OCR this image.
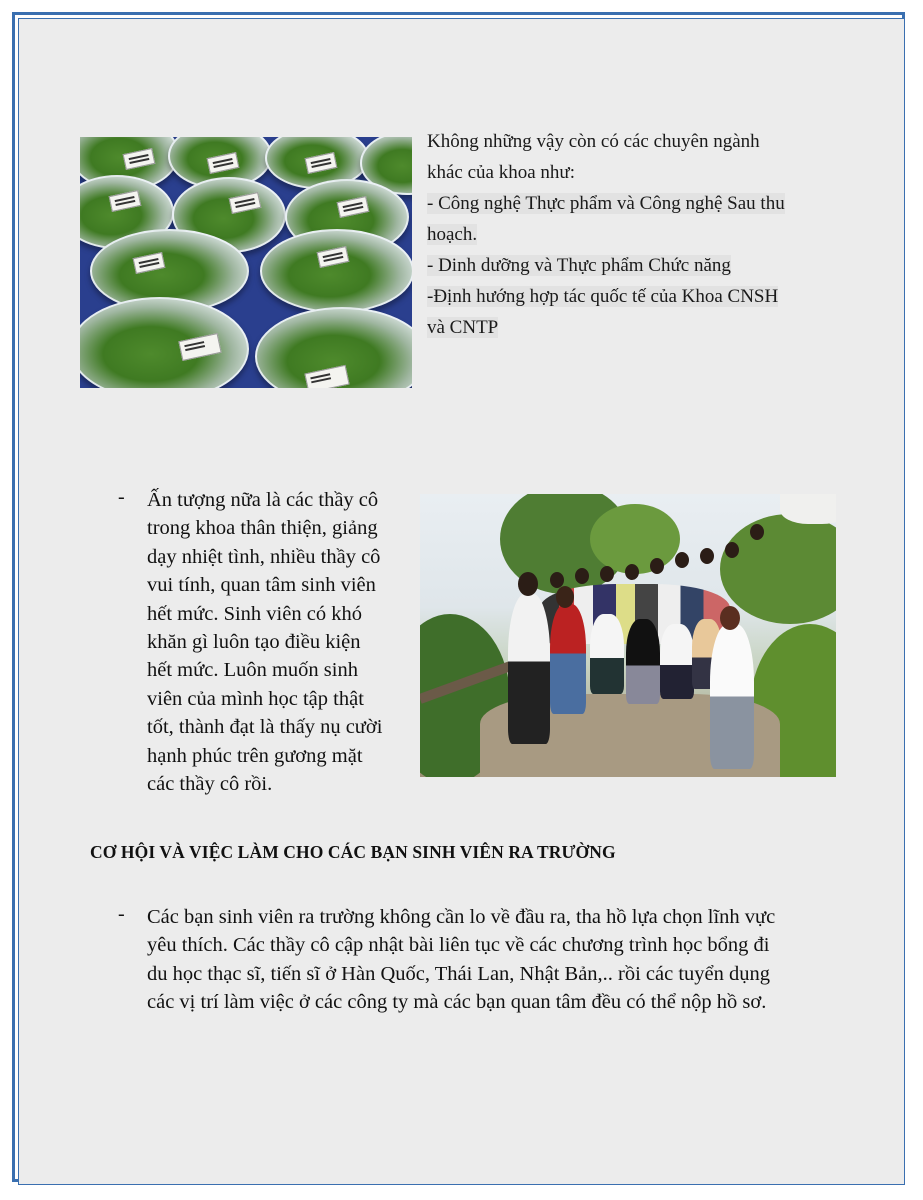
Không những vậy còn có các chuyên ngành
khác của khoa như:
- Công nghệ Thực phẩm và Công nghệ Sau thu
hoạch.
- Dinh dưỡng và Thực phẩm Chức năng
-Định hướng hợp tác quốc tế của Khoa CNSH
và CNTP
- Ấn tượng nữa là các thầy cô
trong khoa thân thiện, giảng
dạy nhiệt tình, nhiều thầy cô
vui tính, quan tâm sinh viên
hết mức. Sinh viên có khó
khăn gì luôn tạo điều kiện
hết mức. Luôn muốn sinh
viên của mình học tập thật
tốt, thành đạt là thấy nụ cười
hạnh phúc trên gương mặt
các thầy cô rồi.
CƠ HỘI VÀ VIỆC LÀM CHO CÁC BẠN SINH VIÊN RA TRƯỜNG
- Các bạn sinh viên ra trường không cần lo về đầu ra, tha hồ lựa chọn lĩnh vực
yêu thích. Các thầy cô cập nhật bài liên tục về các chương trình học bổng đi
du học thạc sĩ, tiến sĩ ở Hàn Quốc, Thái Lan, Nhật Bản,.. rồi các tuyển dụng
các vị trí làm việc ở các công ty mà các bạn quan tâm đều có thể nộp hồ sơ.
